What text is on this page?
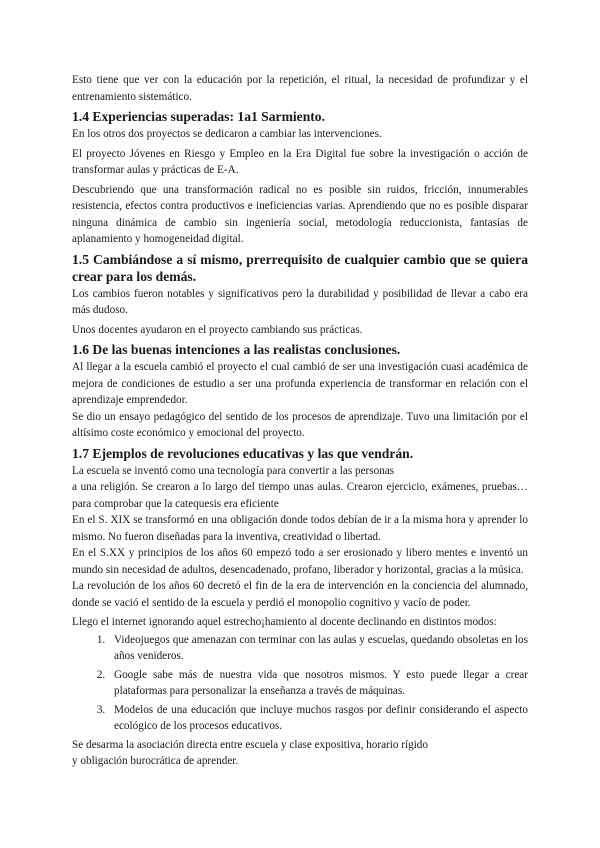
Esto tiene que ver con la educación por la repetición, el ritual, la necesidad de profundizar y el entrenamiento sistemático.

1.4 Experiencias superadas: 1a1 Sarmiento.

En los otros dos proyectos se dedicaron a cambiar las intervenciones.

El proyecto Jóvenes en Riesgo y Empleo en la Era Digital fue sobre la investigación o acción de transformar aulas y prácticas de E-A.

Descubriendo que una transformación radical no es posible sin ruidos, fricción, innumerables resistencia, efectos contra productivos e ineficiencias varias. Aprendiendo que no es posible disparar ninguna dinámica de cambio sin ingeniería social, metodología reduccionista, fantasías de aplanamiento y homogeneidad digital.

1.5 Cambiándose a sí mismo, prerrequisito de cualquier cambio que se quiera crear para los demás.

Los cambios fueron notables y significativos pero la durabilidad y posibilidad de llevar a cabo era más dudoso.

Unos docentes ayudaron en el proyecto cambiando sus prácticas.

1.6 De las buenas intenciones a las realistas conclusiones.

Al llegar a la escuela cambió el proyecto el cual cambió de ser una investigación cuasi académica de mejora de condiciones de estudio a ser una profunda experiencia de transformar en relación con el aprendizaje emprendedor.

Se dio un ensayo pedagógico del sentido de los procesos de aprendizaje. Tuvo una limitación por el altísimo coste económico y emocional del proyecto.

1.7 Ejemplos de revoluciones educativas y las que vendrán.

La escuela se inventó como una tecnología para convertir a las personas

a una religión. Se crearon a lo largo del tiempo unas aulas. Crearon ejercicio, exámenes, pruebas… para comprobar que la catequesis era eficiente

En el S. XIX se transformó en una obligación donde todos debían de ir a la misma hora y aprender lo mismo. No fueron diseñadas para la inventiva, creatividad o libertad.

En el S.XX y principios de los años 60 empezó todo a ser erosionado y libero mentes e inventó un mundo sin necesidad de adultos, desencadenado, profano, liberador y horizontal, gracias a la música.

La revolución de los años 60 decretó el fin de la era de intervención en la conciencia del alumnado, donde se vació el sentido de la escuela y perdió el monopolio cognitivo y vacío de poder.

Llego el internet ignorando aquel estrecho¡hamiento al docente declinando en distintos modos:

1. Videojuegos que amenazan con terminar con las aulas y escuelas, quedando obsoletas en los años venideros.
2. Google sabe más de nuestra vida que nosotros mismos. Y esto puede llegar a crear plataformas para personalizar la enseñanza a través de máquinas.
3. Modelos de una educación que incluye muchos rasgos por definir considerando el aspecto ecológico de los procesos educativos.

Se desarma la asociación directa entre escuela y clase expositiva, horario rígido

y obligación burocrática de aprender.
